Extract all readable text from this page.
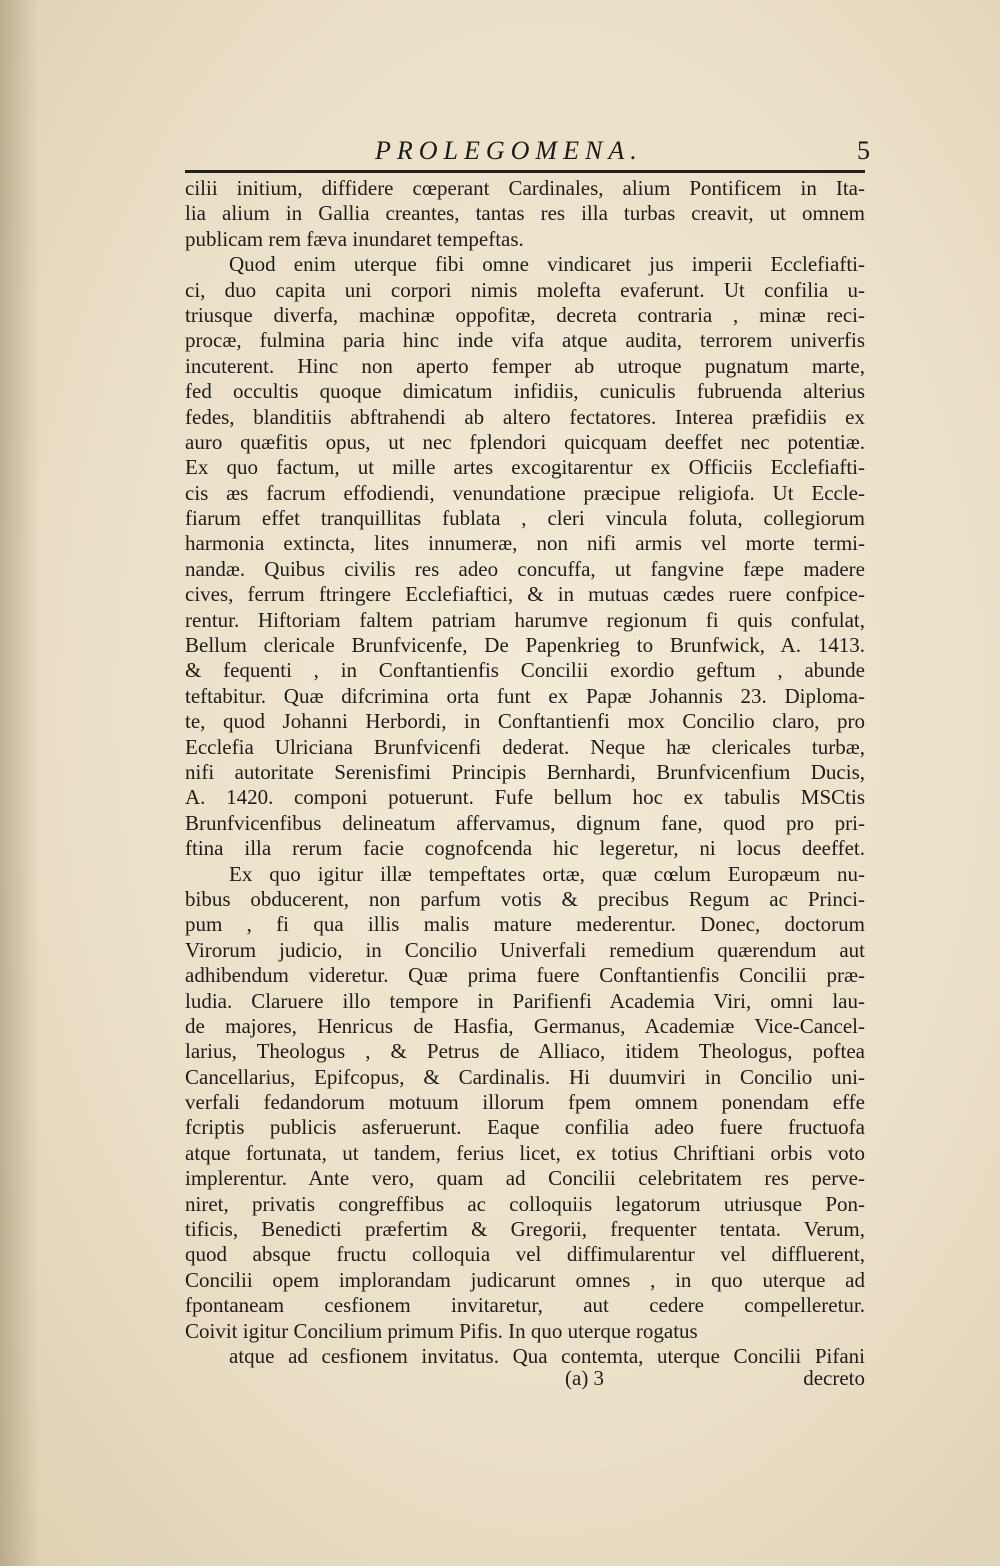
PROLEGOMENA.	5
cilii initium, diffidere cœperant Cardinales, alium Pontificem in Ita-
lia alium in Gallia creantes, tantas res illa turbas creavit, ut omnem
publicam rem fæva inundaret tempeftas.
Quod enim uterque fibi omne vindicaret jus imperii Ecclefiafti-
ci, duo capita uni corpori nimis molefta evaferunt. Ut confilia u-
triusque diverfa, machinæ oppofitæ, decreta contraria , minæ reci-
procæ, fulmina paria hinc inde vifa atque audita, terrorem univerfis
incuterent. Hinc non aperto femper ab utroque pugnatum marte,
fed occultis quoque dimicatum infidiis, cuniculis fubruenda alterius
fedes, blanditiis abftrahendi ab altero fectatores. Interea præfidiis ex
auro quæfitis opus, ut nec fplendori quicquam deeffet nec potentiæ.
Ex quo factum, ut mille artes excogitarentur ex Officiis Ecclefiafti-
cis æs facrum effodiendi, venundatione præcipue religiofa. Ut Eccle-
fiarum effet tranquillitas fublata , cleri vincula foluta, collegiorum
harmonia extincta, lites innumeræ, non nifi armis vel morte termi-
nandæ. Quibus civilis res adeo concuffa, ut fangvine fæpe madere
cives, ferrum ftringere Ecclefiaftici, & in mutuas cædes ruere confpice-
rentur. Hiftoriam faltem patriam harumve regionum fi quis confulat,
Bellum clericale Brunfvicenfe, De Papenkrieg to Brunfwick, A. 1413.
& fequenti , in Conftantienfis Concilii exordio geftum , abunde
teftabitur. Quæ difcrimina orta funt ex Papæ Johannis 23. Diploma-
te, quod Johanni Herbordi, in Conftantienfi mox Concilio claro, pro
Ecclefia Ulriciana Brunfvicenfi dederat. Neque hæ clericales turbæ,
nifi autoritate Serenisfimi Principis Bernhardi, Brunfvicenfium Ducis,
A. 1420. componi potuerunt. Fufe bellum hoc ex tabulis MSCtis
Brunfvicenfibus delineatum affervamus, dignum fane, quod pro pri-
ftina illa rerum facie cognofcenda hic legeretur, ni locus deeffet.
Ex quo igitur illæ tempeftates ortæ, quæ cœlum Europæum nu-
bibus obducerent, non parfum votis & precibus Regum ac Princi-
pum , fi qua illis malis mature mederentur. Donec, doctorum
Virorum judicio, in Concilio Univerfali remedium quærendum aut
adhibendum videretur. Quæ prima fuere Conftantienfis Concilii præ-
ludia. Claruere illo tempore in Parifienfi Academia Viri, omni lau-
de majores, Henricus de Hasfia, Germanus, Academiæ Vice-Cancel-
larius, Theologus , & Petrus de Alliaco, itidem Theologus, poftea
Cancellarius, Epifcopus, & Cardinalis. Hi duumviri in Concilio uni-
verfali fedandorum motuum illorum fpem omnem ponendam effe
fcriptis publicis asferuerunt. Eaque confilia adeo fuere fructuofa
atque fortunata, ut tandem, ferius licet, ex totius Chriftiani orbis voto
implerentur. Ante vero, quam ad Concilii celebritatem res perve-
niret, privatis congreffibus ac colloquiis legatorum utriusque Pon-
tificis, Benedicti præfertim & Gregorii, frequenter tentata. Verum,
quod absque fructu colloquia vel diffimularentur vel diffluerent,
Concilii opem implorandam judicarunt omnes , in quo uterque ad
fpontaneam cesfionem invitaretur, aut cedere compelleretur.
Coivit igitur Concilium primum Pifis. In quo uterque rogatus
atque ad cesfionem invitatus. Qua contemta, uterque Concilii Pifani
(a) 3	decreto
